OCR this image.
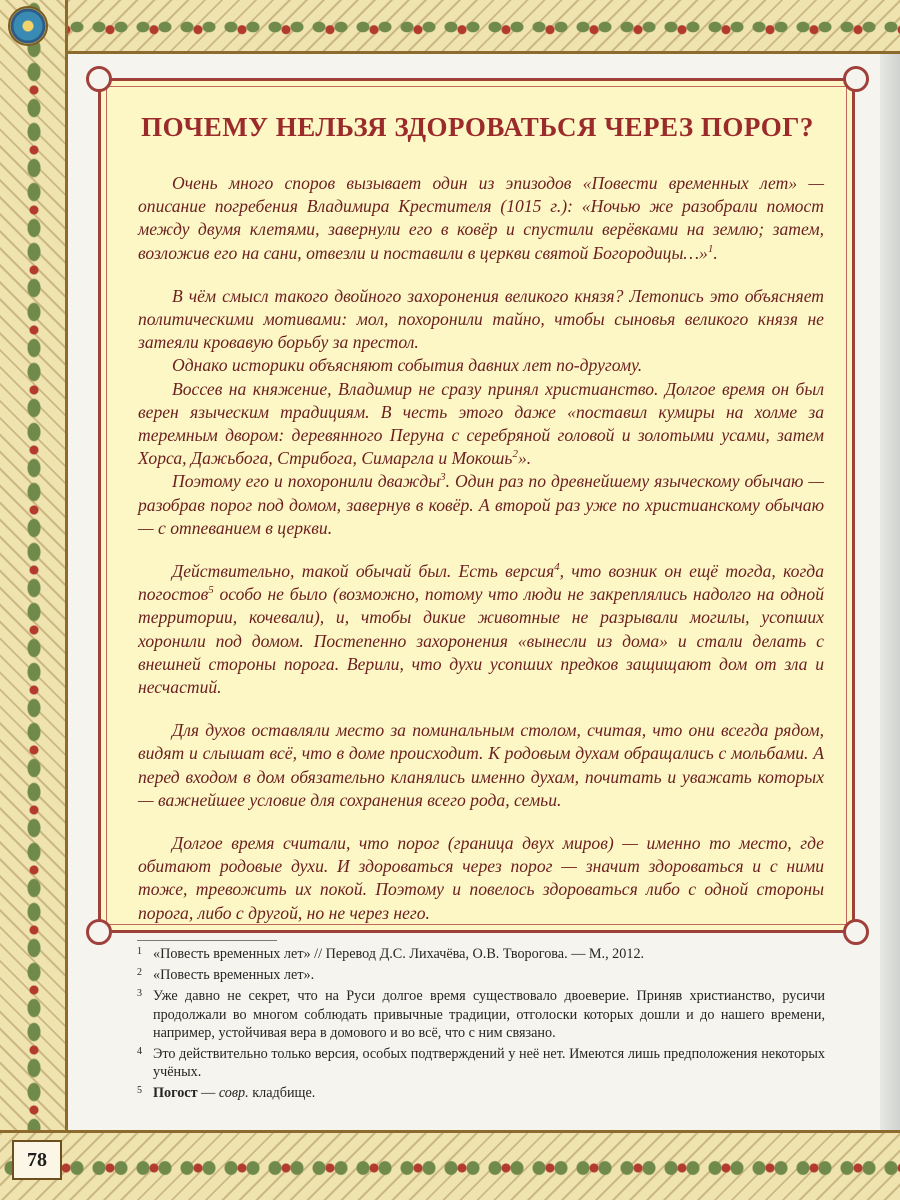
78
ПОЧЕМУ НЕЛЬЗЯ ЗДОРОВАТЬСЯ ЧЕРЕЗ ПОРОГ?

Очень много споров вызывает один из эпизодов «Повести временных лет» — описание погребения Владимира Крестителя (1015 г.): «Ночью же разобрали помост между двумя клетями, завернули его в ковёр и спустили верёвками на землю; затем, возложив его на сани, отвезли и поставили в церкви святой Богородицы…»$^1$.

В чём смысл такого двойного захоронения великого князя? Летопись это объясняет политическими мотивами: мол, похоронили тайно, чтобы сыновья великого князя не затеяли кровавую борьбу за престол.

Однако историки объясняют события давних лет по-другому.

Воссев на княжение, Владимир не сразу принял христианство. Долгое время он был верен языческим традициям. В честь этого даже «поставил кумиры на холме за теремным двором: деревянного Перуна с серебряной головой и золотыми усами, затем Хорса, Дажьбога, Стрибога, Симаргла и Мокошь$^2$».

Поэтому его и похоронили дважды$^3$. Один раз по древнейшему языческому обычаю — разобрав порог под домом, завернув в ковёр. А второй раз уже по христианскому обычаю — с отпеванием в церкви.

Действительно, такой обычай был. Есть версия$^4$, что возник он ещё тогда, когда погостов$^5$ особо не было (возможно, потому что люди не закреплялись надолго на одной территории, кочевали), и, чтобы дикие животные не разрывали могилы, усопших хоронили под домом. Постепенно захоронения «вынесли из дома» и стали делать с внешней стороны порога. Верили, что духи усопших предков защищают дом от зла и несчастий.

Для духов оставляли место за поминальным столом, считая, что они всегда рядом, видят и слышат всё, что в доме происходит. К родовым духам обращались с мольбами. А перед входом в дом обязательно кланялись именно духам, почитать и уважать которых — важнейшее условие для сохранения всего рода, семьи.

Долгое время считали, что порог (граница двух миров) — именно то место, где обитают родовые духи. И здороваться через порог — значит здороваться и с ними тоже, тревожить их покой. Поэтому и повелось здороваться либо с одной стороны порога, либо с другой, но не через него.

1 «Повесть временных лет» // Перевод Д.С. Лихачёва, О.В. Творогова. — М., 2012.
2 «Повесть временных лет».
3 Уже давно не секрет, что на Руси долгое время существовало двоеверие. Приняв христианство, русичи продолжали во многом соблюдать привычные традиции, отголоски которых дошли и до нашего времени, например, устойчивая вера в домового и во всё, что с ним связано.
4 Это действительно только версия, особых подтверждений у неё нет. Имеются лишь предположения некоторых учёных.
5 Погост — совр. кладбище.
